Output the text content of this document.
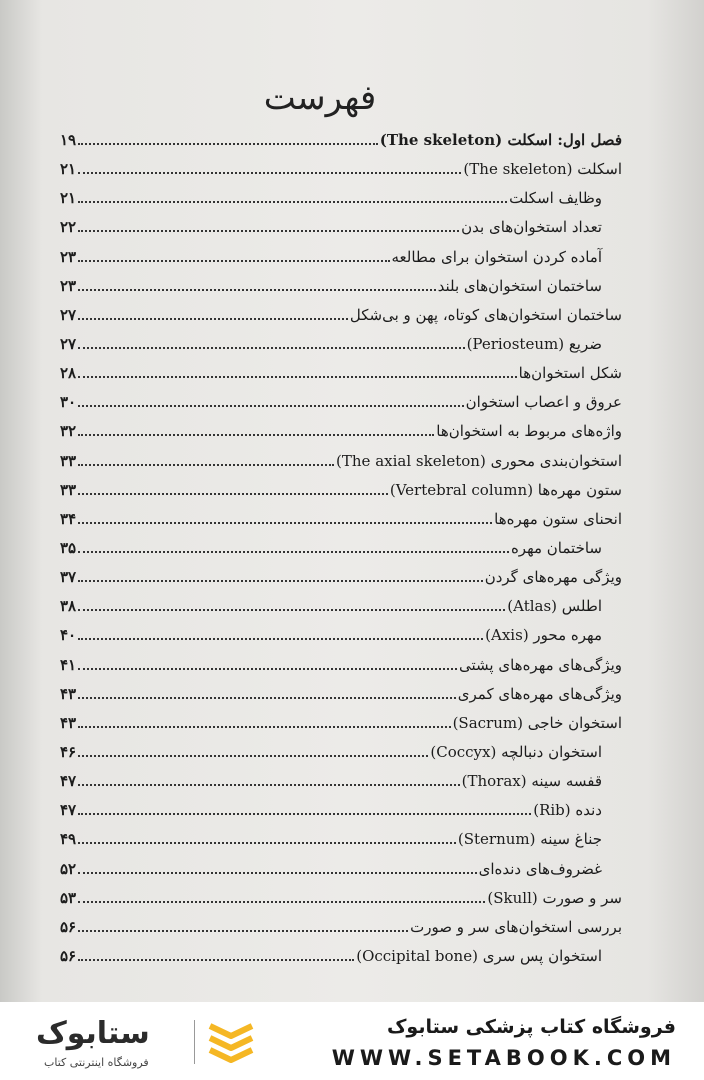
فهرست
فصل اول: اسکلت (The skeleton)
۱۹
اسکلت (The skeleton)
۲۱
وظایف اسکلت
۲۱
تعداد استخوان‌های بدن
۲۲
آماده کردن استخوان برای مطالعه
۲۳
ساختمان استخوان‌های بلند
۲۳
ساختمان استخوان‌های کوتاه، پهن و بی‌شکل
۲۷
ضریع (Periosteum)
۲۷
شکل استخوان‌ها
۲۸
عروق و اعصاب استخوان
۳۰
واژه‌های مربوط به استخوان‌ها
۳۲
استخوان‌بندی محوری (The axial skeleton)
۳۳
ستون مهره‌ها (Vertebral column)
۳۳
انحنای ستون مهره‌ها
۳۴
ساختمان مهره
۳۵
ویژگی مهره‌های گردن
۳۷
اطلس (Atlas)
۳۸
مهره محور (Axis)
۴۰
ویژگی‌های مهره‌های پشتی
۴۱
ویژگی‌های مهره‌های کمری
۴۳
استخوان خاجی (Sacrum)
۴۳
استخوان دنبالچه (Coccyx)
۴۶
قفسه سینه (Thorax)
۴۷
دنده (Rib)
۴۷
جناغ سینه (Sternum)
۴۹
غضروف‌های دنده‌ای
۵۲
سر و صورت (Skull)
۵۳
بررسی استخوان‌های سر و صورت
۵۶
استخوان پس سری (Occipital bone)
۵۶
فروشگاه کتاب پزشکی ستابوک
WWW.SETABOOK.COM
ستابوک
فروشگاه اینترنتی کتاب
